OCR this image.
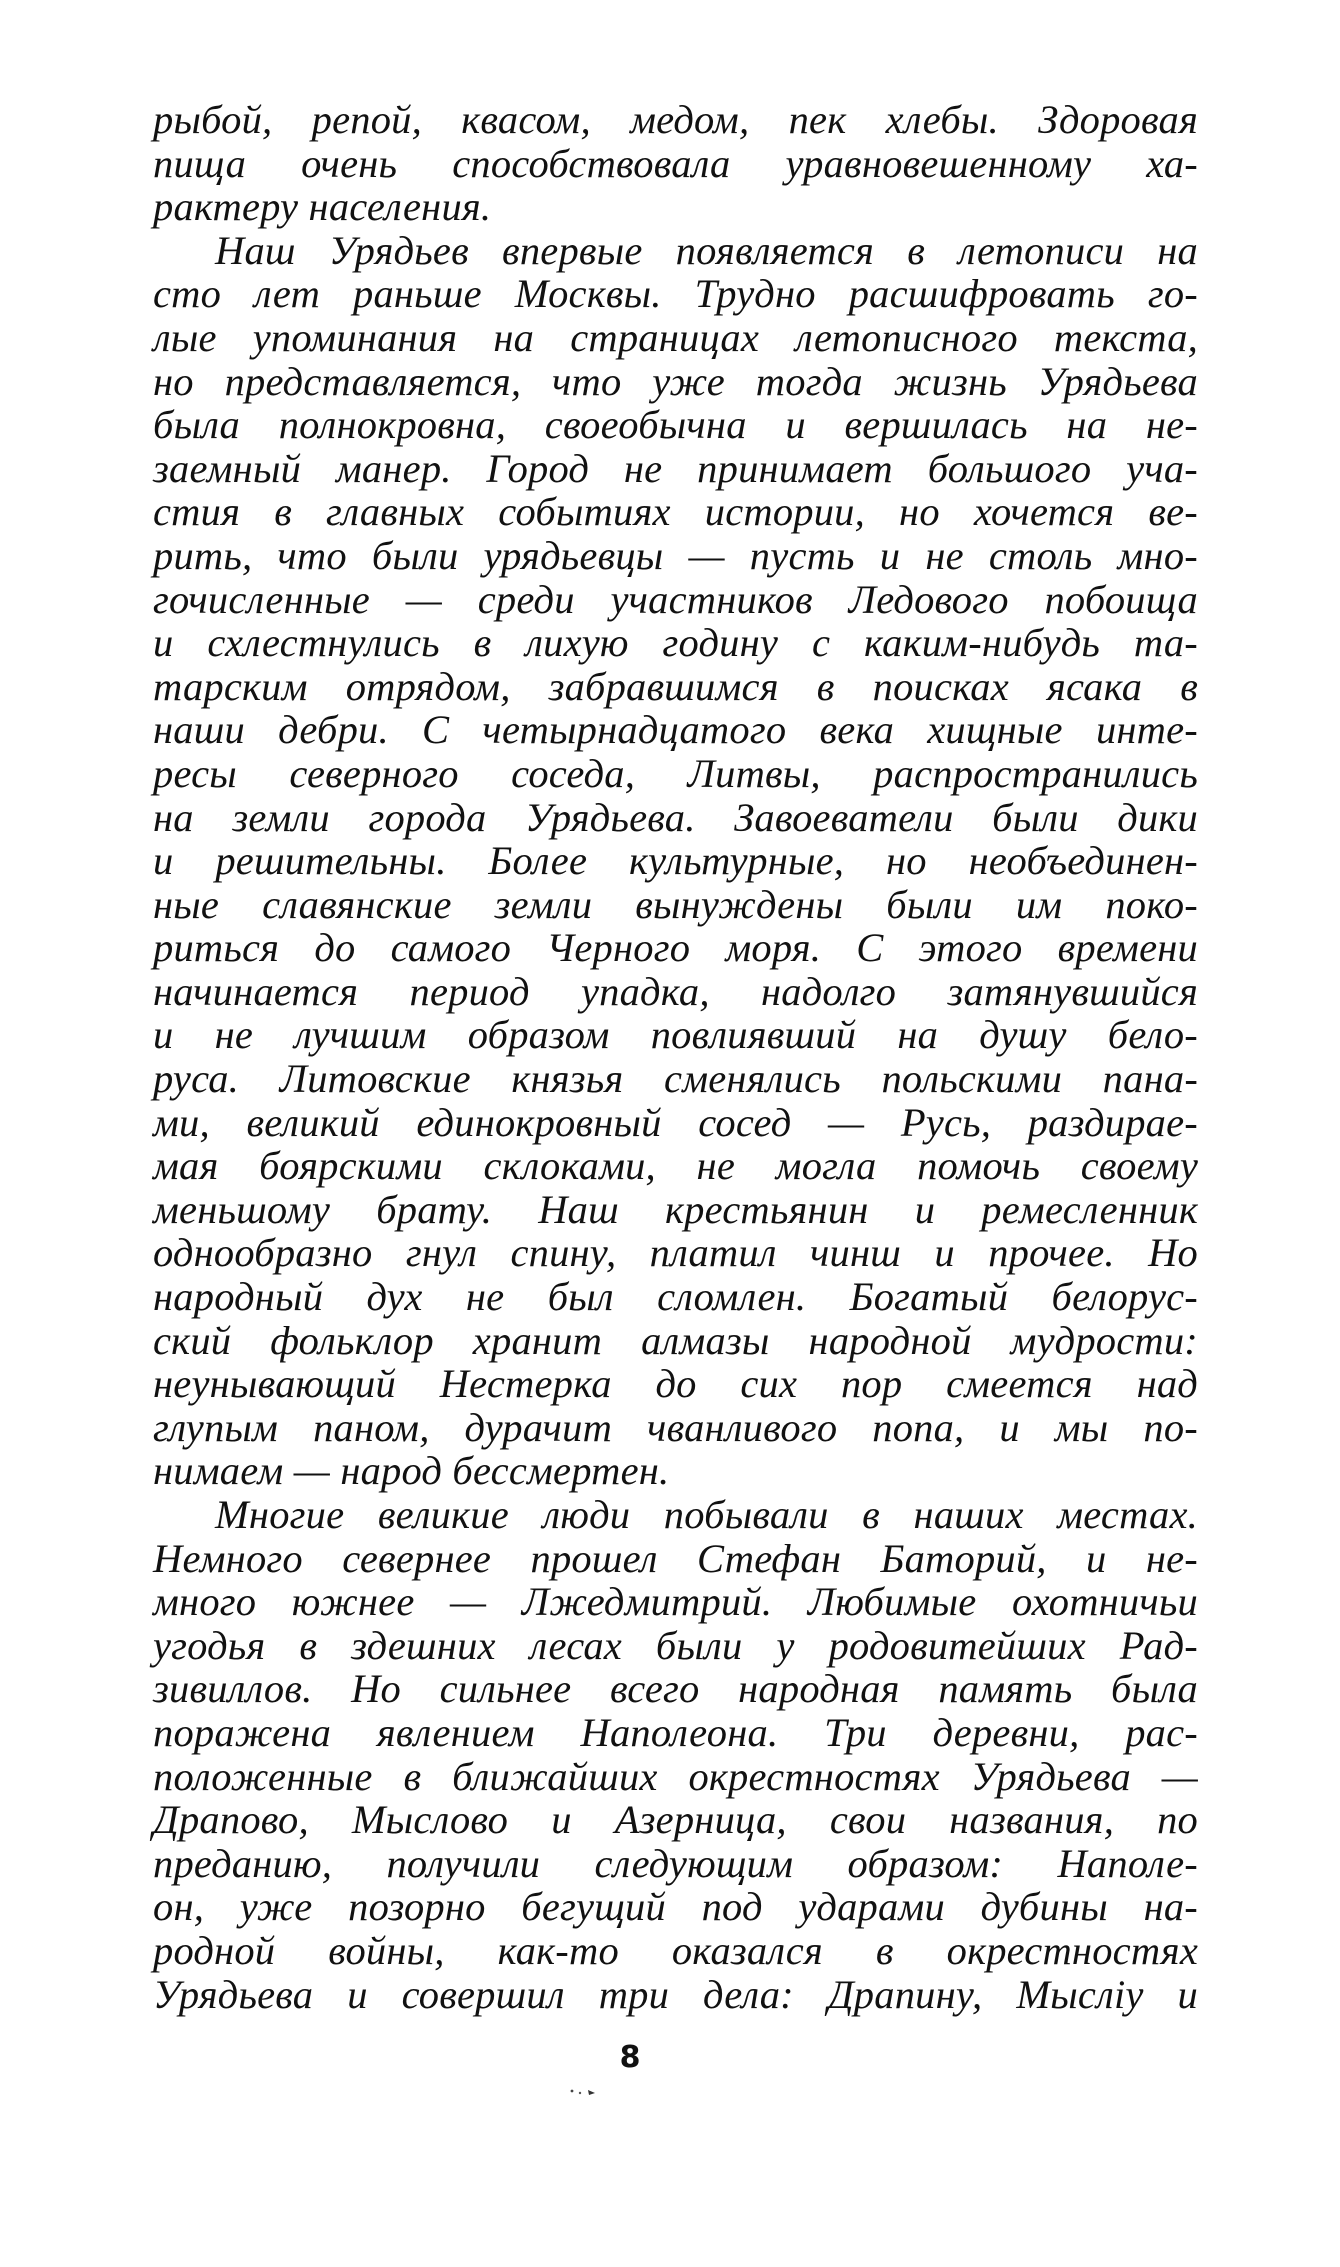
рыбой, репой, квасом, медом, пек хлебы. Здоровая
пища очень способствовала уравновешенному ха-
рактеру населения.
Наш Урядьев впервые появляется в летописи на
сто лет раньше Москвы. Трудно расшифровать го-
лые упоминания на страницах летописного текста,
но представляется, что уже тогда жизнь Урядьева
была полнокровна, своеобычна и вершилась на не-
заемный манер. Город не принимает большого уча-
стия в главных событиях истории, но хочется ве-
рить, что были урядьевцы — пусть и не столь мно-
гочисленные — среди участников Ледового побоища
и схлестнулись в лихую годину с каким-нибудь та-
тарским отрядом, забравшимся в поисках ясака в
наши дебри. С четырнадцатого века хищные инте-
ресы северного соседа, Литвы, распространились
на земли города Урядьева. Завоеватели были дики
и решительны. Более культурные, но необъединен-
ные славянские земли вынуждены были им поко-
риться до самого Черного моря. С этого времени
начинается период упадка, надолго затянувшийся
и не лучшим образом повлиявший на душу бело-
руса. Литовские князья сменялись польскими пана-
ми, великий единокровный сосед — Русь, раздирае-
мая боярскими склоками, не могла помочь своему
меньшому брату. Наш крестьянин и ремесленник
однообразно гнул спину, платил чинш и прочее. Но
народный дух не был сломлен. Богатый белорус-
ский фольклор хранит алмазы народной мудрости:
неунывающий Нестерка до сих пор смеется над
глупым паном, дурачит чванливого попа, и мы по-
нимаем — народ бессмертен.
Многие великие люди побывали в наших местах.
Немного севернее прошел Стефан Баторий, и не-
много южнее — Лжедмитрий. Любимые охотничьи
угодья в здешних лесах были у родовитейших Рад-
зивиллов. Но сильнее всего народная память была
поражена явлением Наполеона. Три деревни, рас-
положенные в ближайших окрестностях Урядьева —
Драпово, Мыслово и Азерница, свои названия, по
преданию, получили следующим образом: Наполе-
он, уже позорно бегущий под ударами дубины на-
родной войны, как-то оказался в окрестностях
Урядьева и совершил три дела: Драпину, Мысліу и
8
